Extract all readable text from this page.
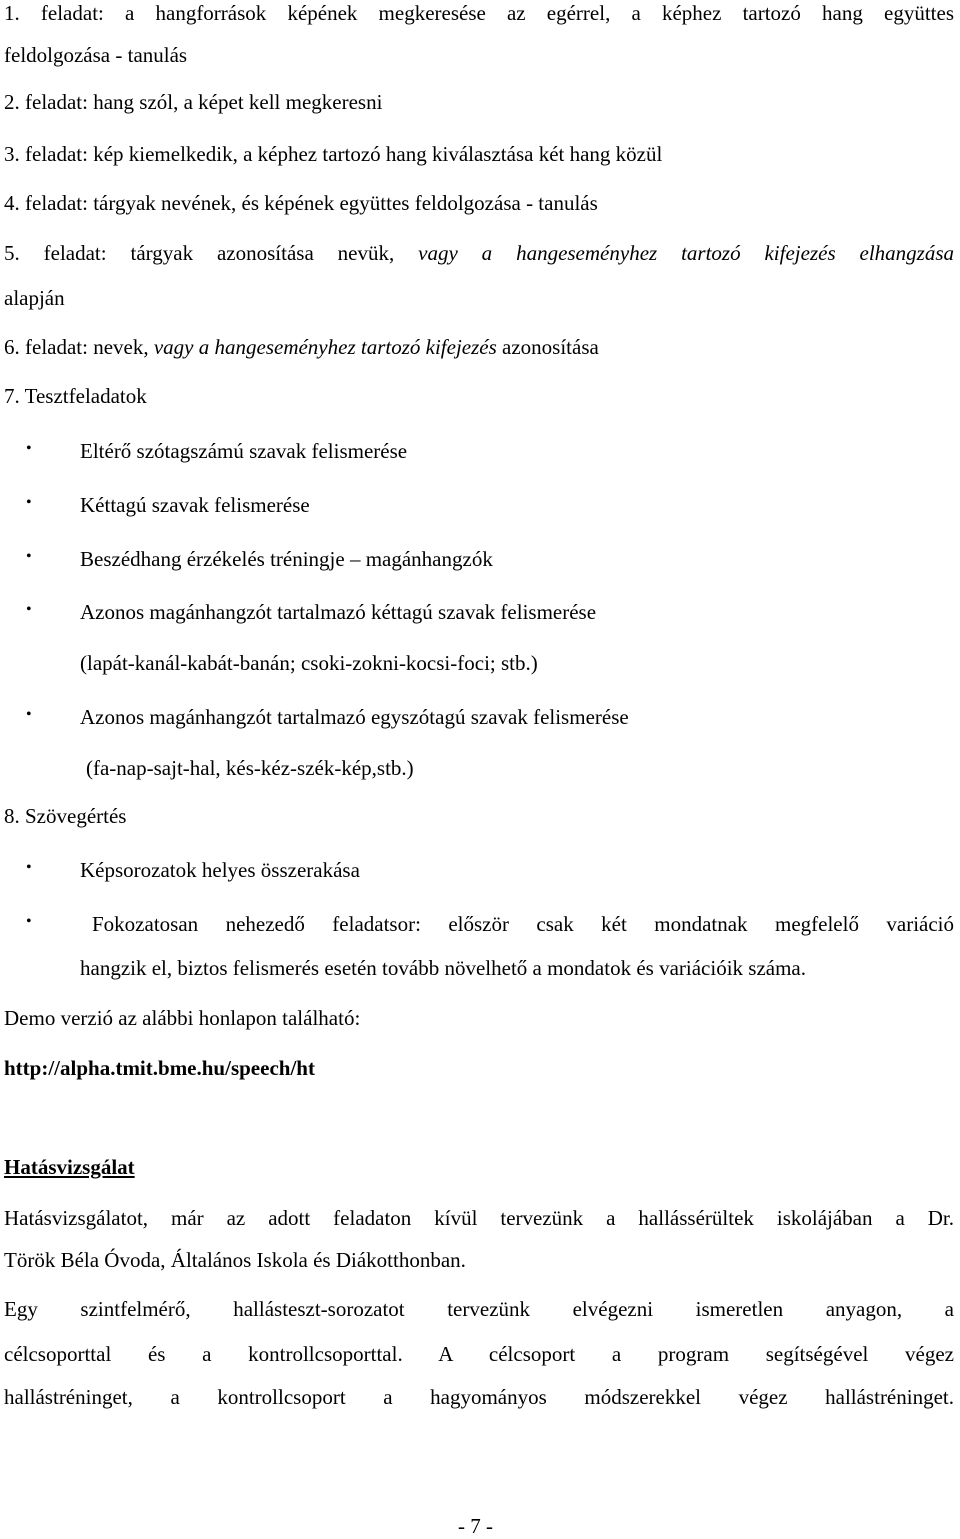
1. feladat: a hangforrások képének megkeresése az egérrel, a képhez tartozó hang együttes
feldolgozása - tanulás
2. feladat: hang szól, a képet kell megkeresni
3. feladat: kép kiemelkedik, a képhez tartozó hang kiválasztása két hang közül
4. feladat: tárgyak nevének, és képének együttes feldolgozása - tanulás
5. feladat: tárgyak azonosítása nevük, vagy a hangeseményhez tartozó kifejezés elhangzása
alapján
6. feladat: nevek, vagy a hangeseményhez tartozó kifejezés azonosítása
7. Tesztfeladatok
• Eltérő szótagszámú szavak felismerése
• Kéttagú szavak felismerése
• Beszédhang érzékelés tréningje – magánhangzók
• Azonos magánhangzót tartalmazó kéttagú szavak felismerése
(lapát-kanál-kabát-banán; csoki-zokni-kocsi-foci; stb.)
• Azonos magánhangzót tartalmazó egyszótagú szavak felismerése
(fa-nap-sajt-hal, kés-kéz-szék-kép,stb.)
8. Szövegértés
• Képsorozatok helyes összerakása
•	Fokozatosan nehezedő feladatsor: először csak két mondatnak megfelelő variáció
hangzik el, biztos felismerés esetén tovább növelhető a mondatok és variációik száma.
Demo verzió az alábbi honlapon található:
http://alpha.tmit.bme.hu/speech/ht
Hatásvizsgálat
Hatásvizsgálatot, már az adott feladaton kívül tervezünk a hallássérültek iskolájában a Dr.
Török Béla Óvoda, Általános Iskola és Diákotthonban.
Egy szintfelmérő, hallásteszt-sorozatot tervezünk elvégezni ismeretlen anyagon, a
célcsoporttal és a kontrollcsoporttal. A célcsoport a program segítségével végez
hallástréninget, a kontrollcsoport a hagyományos módszerekkel végez hallástréninget.
- 7 -
